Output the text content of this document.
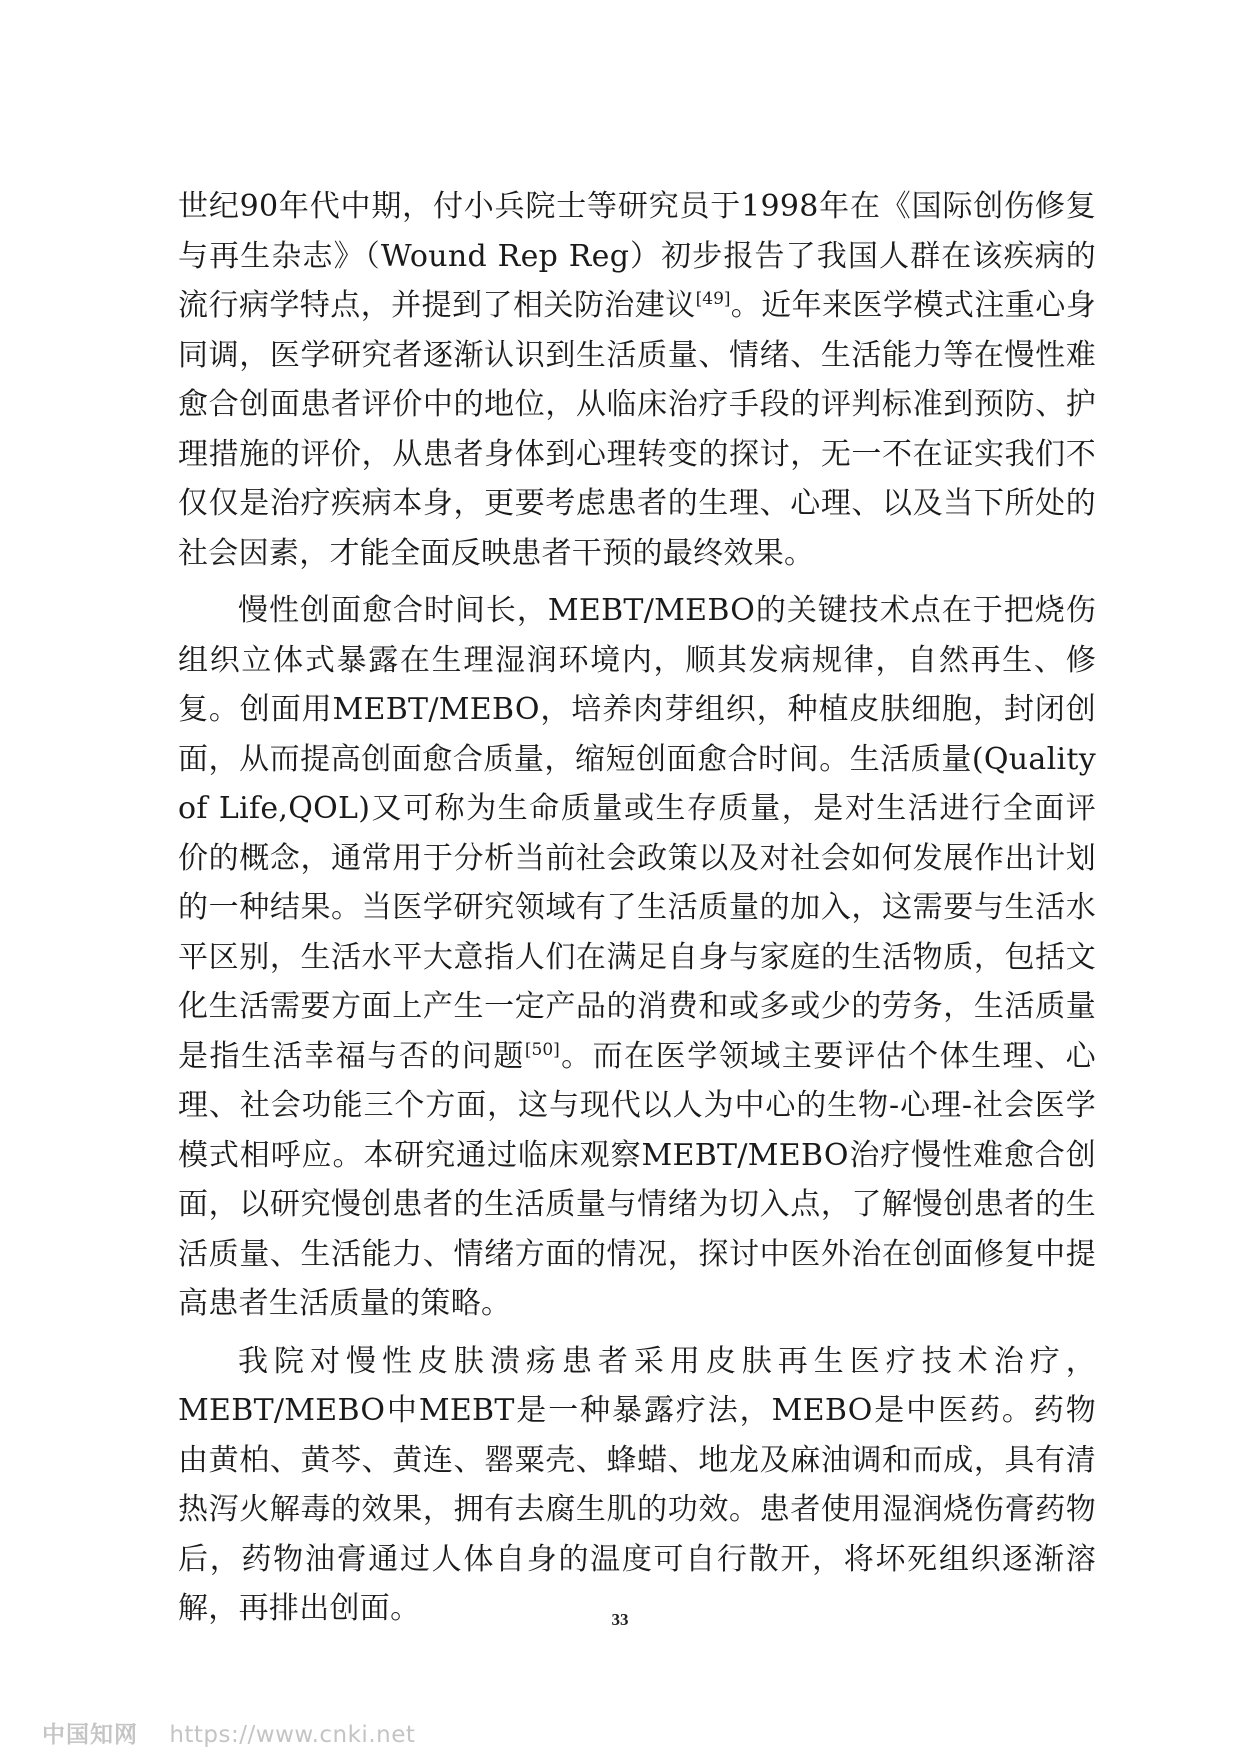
世纪90年代中期，付小兵院士等研究员于1998年在《国际创伤修复与再生杂志》（Wound Rep Reg）初步报告了我国人群在该疾病的流行病学特点，并提到了相关防治建议[49]。近年来医学模式注重心身同调，医学研究者逐渐认识到生活质量、情绪、生活能力等在慢性难愈合创面患者评价中的地位，从临床治疗手段的评判标准到预防、护理措施的评价，从患者身体到心理转变的探讨，无一不在证实我们不仅仅是治疗疾病本身，更要考虑患者的生理、心理、以及当下所处的社会因素，才能全面反映患者干预的最终效果。

慢性创面愈合时间长，MEBT/MEBO的关键技术点在于把烧伤组织立体式暴露在生理湿润环境内，顺其发病规律，自然再生、修复。创面用MEBT/MEBO，培养肉芽组织，种植皮肤细胞，封闭创面，从而提高创面愈合质量，缩短创面愈合时间。生活质量(Quality of Life,QOL)又可称为生命质量或生存质量，是对生活进行全面评价的概念，通常用于分析当前社会政策以及对社会如何发展作出计划的一种结果。当医学研究领域有了生活质量的加入，这需要与生活水平区别，生活水平大意指人们在满足自身与家庭的生活物质，包括文化生活需要方面上产生一定产品的消费和或多或少的劳务，生活质量是指生活幸福与否的问题[50]。而在医学领域主要评估个体生理、心理、社会功能三个方面，这与现代以人为中心的生物-心理-社会医学模式相呼应。本研究通过临床观察MEBT/MEBO治疗慢性难愈合创面，以研究慢创患者的生活质量与情绪为切入点，了解慢创患者的生活质量、生活能力、情绪方面的情况，探讨中医外治在创面修复中提高患者生活质量的策略。

我院对慢性皮肤溃疡患者采用皮肤再生医疗技术治疗，MEBT/MEBO中MEBT是一种暴露疗法，MEBO是中医药。药物由黄柏、黄芩、黄连、罂粟壳、蜂蜡、地龙及麻油调和而成，具有清热泻火解毒的效果，拥有去腐生肌的功效。患者使用湿润烧伤膏药物后，药物油膏通过人体自身的温度可自行散开，将坏死组织逐渐溶解，再排出创面。	33
中国知网 https://www.cnki.net
